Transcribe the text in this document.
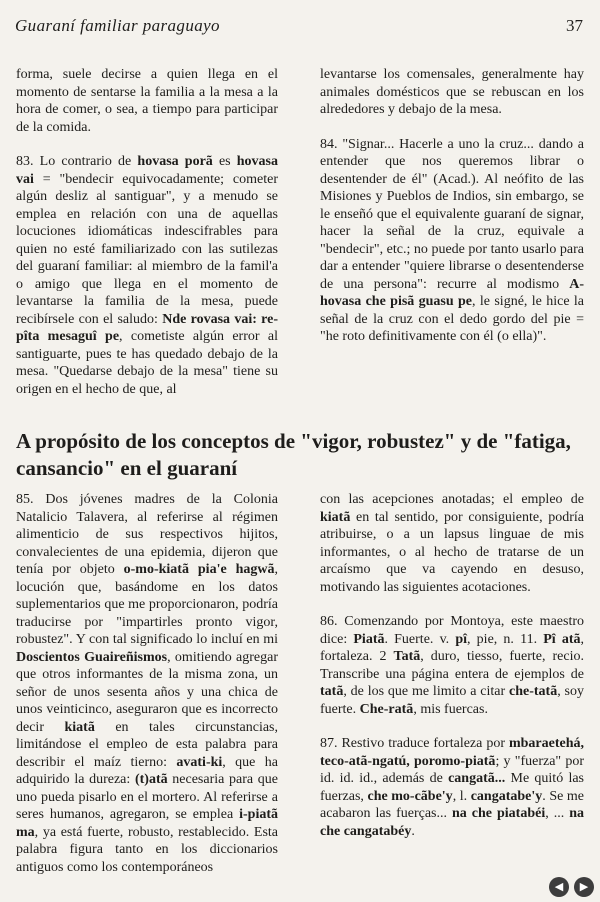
Guaraní familiar paraguayo	37

forma, suele decirse a quien llega en el momento de sentarse la familia a la mesa a la hora de comer, o sea, a tiempo para participar de la comida.

83. Lo contrario de hovasa porã es hovasa vai = "bendecir equivocadamente; cometer algún desliz al santiguar", y a menudo se emplea en relación con una de aquellas locuciones idiomáticas indescifrables para quien no esté familiarizado con las sutilezas del guaraní familiar: al miembro de la famil'a o amigo que llega en el momento de levantarse la familia de la mesa, puede recibírsele con el saludo: Nde rovasa vai: re-pîta mesaguî pe, cometiste algún error al santiguarte, pues te has quedado debajo de la mesa. "Quedarse debajo de la mesa" tiene su origen en el hecho de que, al

levantarse los comensales, generalmente hay animales domésticos que se rebuscan en los alrededores y debajo de la mesa.

84. "Signar... Hacerle a uno la cruz... dando a entender que nos queremos librar o desentender de él" (Acad.). Al neófito de las Misiones y Pueblos de Indios, sin embargo, se le enseñó que el equivalente guaraní de signar, hacer la señal de la cruz, equivale a "bendecir", etc.; no puede por tanto usarlo para dar a entender "quiere librarse o desentenderse de una persona": recurre al modismo A-hovasa che pisã guasu pe, le signé, le hice la señal de la cruz con el dedo gordo del pie = "he roto definitivamente con él (o ella)".

A propósito de los conceptos de "vigor, robustez" y de "fatiga, cansancio" en el guaraní

85. Dos jóvenes madres de la Colonia Natalicio Talavera, al referirse al régimen alimenticio de sus respectivos hijitos, convalecientes de una epidemia, dijeron que tenía por objeto o-mo-kiatã pia'e hagwã, locución que, basándome en los datos suplementarios que me proporcionaron, podría traducirse por "impartirles pronto vigor, robustez". Y con tal significado lo incluí en mi Doscientos Guaireñismos, omitiendo agregar que otros informantes de la misma zona, un señor de unos sesenta años y una chica de unos veinticinco, aseguraron que es incorrecto decir kiatã en tales circunstancias, limitándose el empleo de esta palabra para describir el maíz tierno: avati-ki, que ha adquirido la dureza: (t)atã necesaria para que uno pueda pisarlo en el mortero. Al referirse a seres humanos, agregaron, se emplea i-piatã ma, ya está fuerte, robusto, restablecido. Esta palabra figura tanto en los diccionarios antiguos como los contemporáneos

con las acepciones anotadas; el empleo de kiatã en tal sentido, por consiguiente, podría atribuirse, o a un lapsus linguae de mis informantes, o al hecho de tratarse de un arcaísmo que va cayendo en desuso, motivando las siguientes acotaciones.

86. Comenzando por Montoya, este maestro dice: Piatã. Fuerte. v. pî, pie, n. 11. Pî atã, fortaleza. 2 Tatã, duro, tiesso, fuerte, recio. Transcribe una página entera de ejemplos de tatã, de los que me limito a citar che-tatã, soy fuerte. Che-ratã, mis fuercas.

87. Restivo traduce fortaleza por mbaraetehá, teco-atã-ngatú, poromo-piatã; y "fuerza" por id. id. id., además de cangatã... Me quitó las fuerzas, che mo-cãbe'y, l. cangatabe'y. Se me acabaron las fuerças... na che piatabéi, ... na che cangatabéy.

◀	▶
